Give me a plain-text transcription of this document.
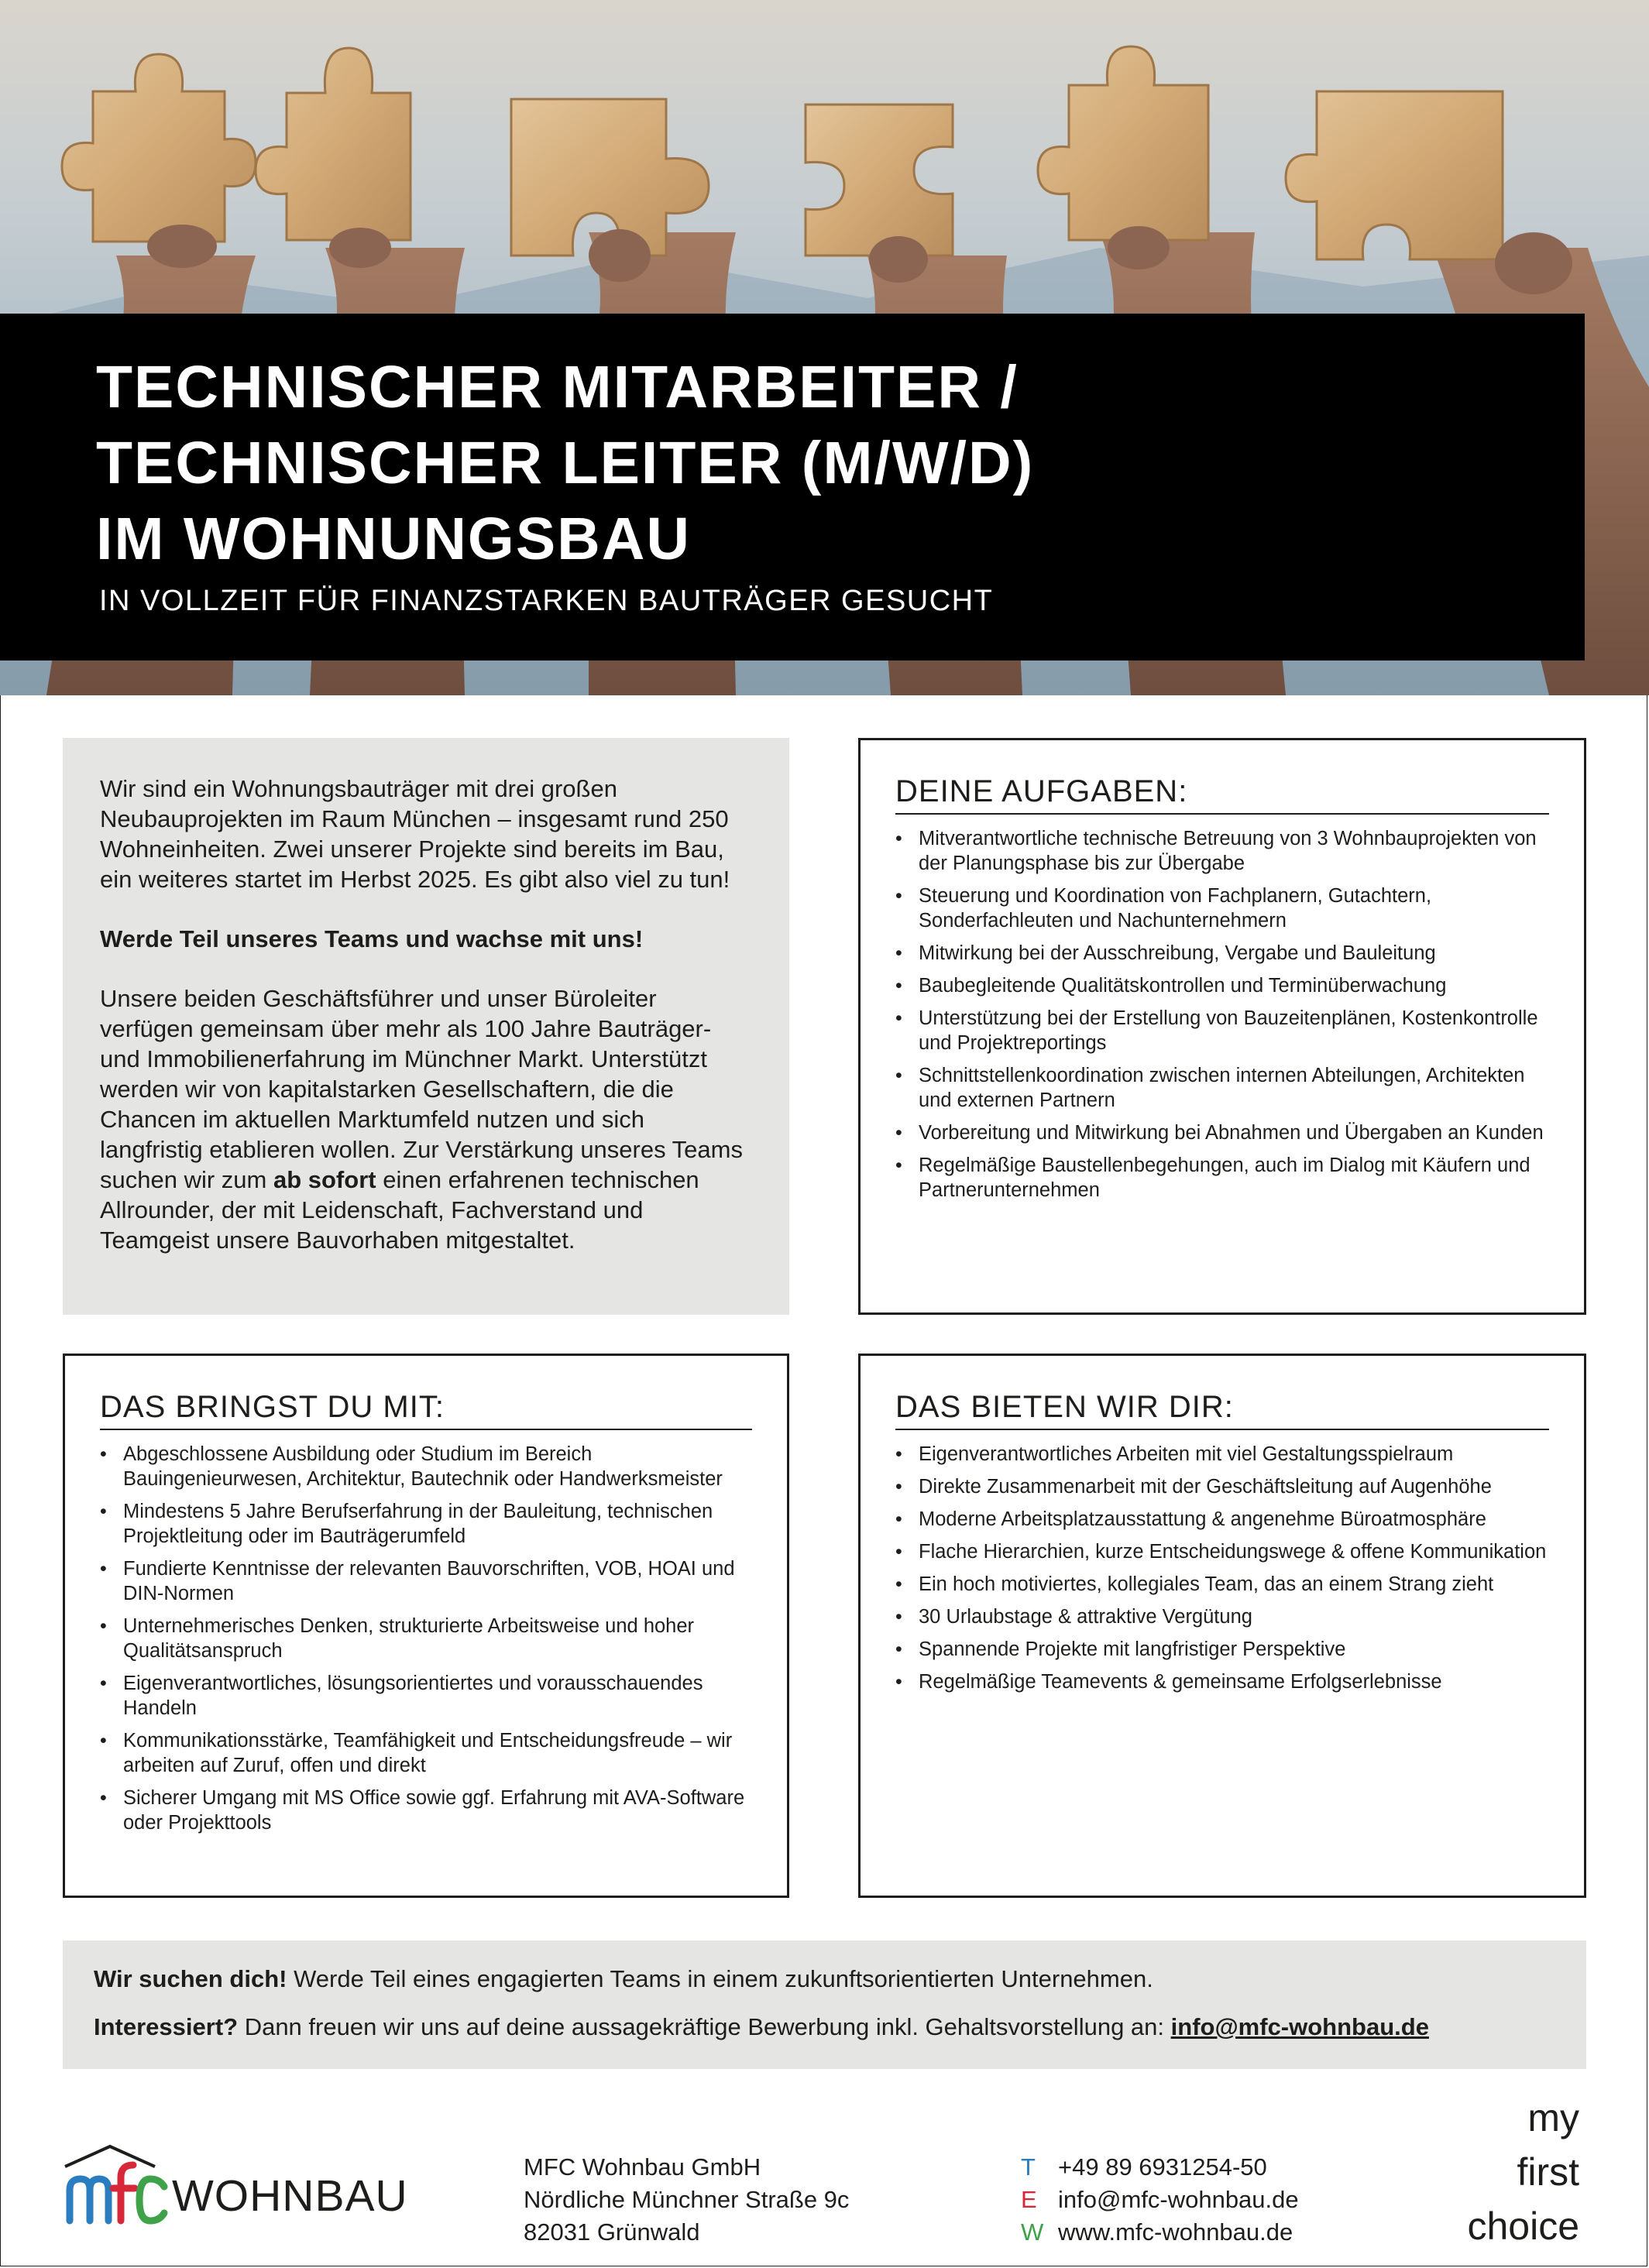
TECHNISCHER MITARBEITER /
TECHNISCHER LEITER (M/W/D)
IM WOHNUNGSBAU
IN VOLLZEIT FÜR FINANZSTARKEN BAUTRÄGER GESUCHT

Wir sind ein Wohnungsbauträger mit drei großen Neubauprojekten im Raum München – insgesamt rund 250 Wohneinheiten. Zwei unserer Projekte sind bereits im Bau, ein weiteres startet im Herbst 2025. Es gibt also viel zu tun!

Werde Teil unseres Teams und wachse mit uns!

Unsere beiden Geschäftsführer und unser Büroleiter verfügen gemeinsam über mehr als 100 Jahre Bauträger- und Immobilienerfahrung im Münchner Markt. Unterstützt werden wir von kapitalstarken Gesellschaftern, die die Chancen im aktuellen Marktumfeld nutzen und sich langfristig etablieren wollen. Zur Verstärkung unseres Teams suchen wir zum ab sofort einen erfahrenen technischen Allrounder, der mit Leidenschaft, Fachverstand und Teamgeist unsere Bauvorhaben mitgestaltet.

DEINE AUFGABEN:
• Mitverantwortliche technische Betreuung von 3 Wohnbauprojekten von der Planungsphase bis zur Übergabe
• Steuerung und Koordination von Fachplanern, Gutachtern, Sonderfachleuten und Nachunternehmern
• Mitwirkung bei der Ausschreibung, Vergabe und Bauleitung
• Baubegleitende Qualitätskontrollen und Terminüberwachung
• Unterstützung bei der Erstellung von Bauzeitenplänen, Kostenkontrolle und Projektreportings
• Schnittstellenkoordination zwischen internen Abteilungen, Architekten und externen Partnern
• Vorbereitung und Mitwirkung bei Abnahmen und Übergaben an Kunden
• Regelmäßige Baustellenbegehungen, auch im Dialog mit Käufern und Partnerunternehmen
DAS BRINGST DU MIT:
• Abgeschlossene Ausbildung oder Studium im Bereich Bauingenieurwesen, Architektur, Bautechnik oder Handwerksmeister
• Mindestens 5 Jahre Berufserfahrung in der Bauleitung, technischen Projektleitung oder im Bauträgerumfeld
• Fundierte Kenntnisse der relevanten Bauvorschriften, VOB, HOAI und DIN-Normen
• Unternehmerisches Denken, strukturierte Arbeitsweise und hoher Qualitätsanspruch
• Eigenverantwortliches, lösungsorientiertes und vorausschauendes Handeln
• Kommunikationsstärke, Teamfähigkeit und Entscheidungsfreude – wir arbeiten auf Zuruf, offen und direkt
• Sicherer Umgang mit MS Office sowie ggf. Erfahrung mit AVA-Software oder Projekttools
DAS BIETEN WIR DIR:
• Eigenverantwortliches Arbeiten mit viel Gestaltungsspielraum
• Direkte Zusammenarbeit mit der Geschäftsleitung auf Augenhöhe
• Moderne Arbeitsplatzausstattung & angenehme Büroatmosphäre
• Flache Hierarchien, kurze Entscheidungswege & offene Kommunikation
• Ein hoch motiviertes, kollegiales Team, das an einem Strang zieht
• 30 Urlaubstage & attraktive Vergütung
• Spannende Projekte mit langfristiger Perspektive
• Regelmäßige Teamevents & gemeinsame Erfolgserlebnisse

Wir suchen dich! Werde Teil eines engagierten Teams in einem zukunftsorientierten Unternehmen.

Interessiert? Dann freuen wir uns auf deine aussagekräftige Bewerbung inkl. Gehaltsvorstellung an: info@mfc-wohnbau.de

WOHNBAU
MFC Wohnbau GmbH
Nördliche Münchner Straße 9c
82031 Grünwald
T +49 89 6931254-50
E info@mfc-wohnbau.de
W www.mfc-wohnbau.de
my
first
choice
